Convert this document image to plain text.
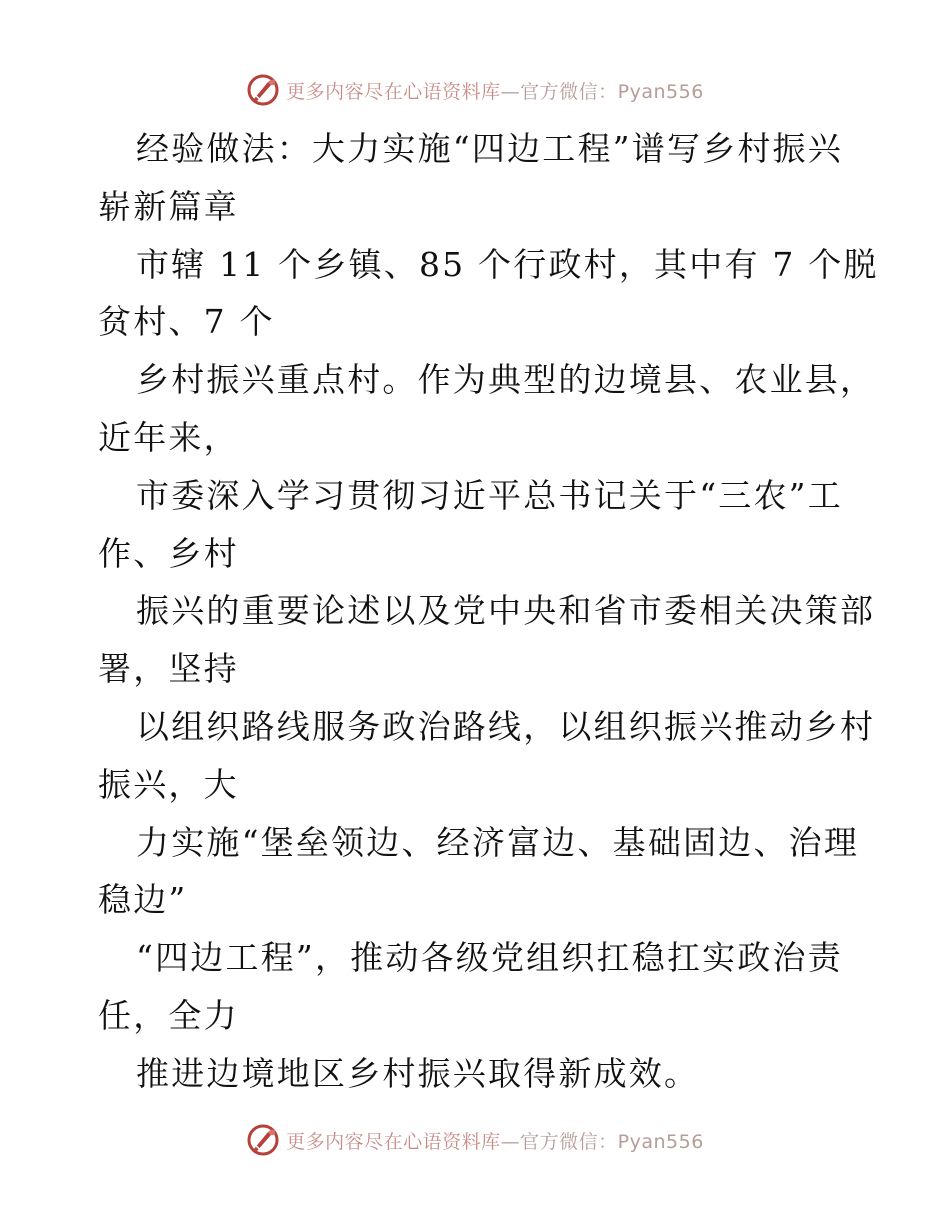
更多内容尽在心语资料库—官方微信：Pyan556
经验做法：大力实施“四边工程”谱写乡村振兴
崭新篇章
市辖 11 个乡镇、85 个行政村，其中有 7 个脱
贫村、7 个
乡村振兴重点村。作为典型的边境县、农业县，
近年来，
市委深入学习贯彻习近平总书记关于“三农”工
作、乡村
振兴的重要论述以及党中央和省市委相关决策部
署，坚持
以组织路线服务政治路线，以组织振兴推动乡村
振兴，大
力实施“堡垒领边、经济富边、基础固边、治理
稳边”
“四边工程”，推动各级党组织扛稳扛实政治责
任，全力
推进边境地区乡村振兴取得新成效。
更多内容尽在心语资料库—官方微信：Pyan556
